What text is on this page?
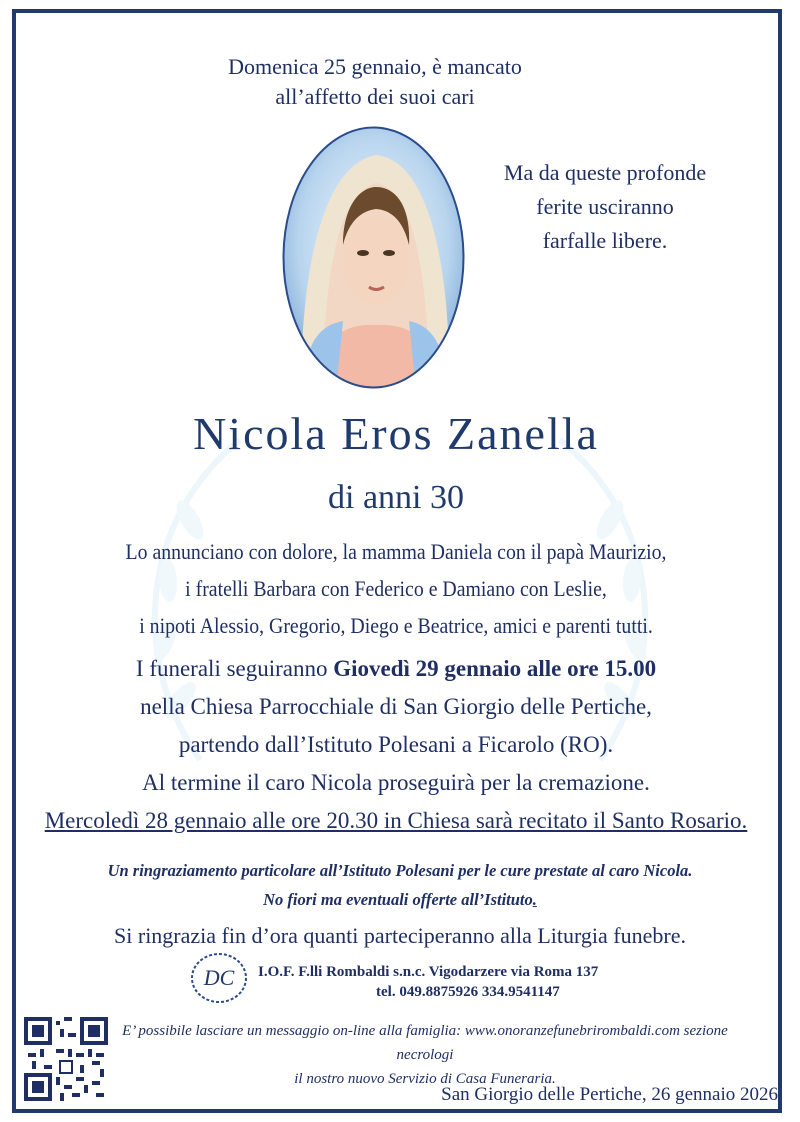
Domenica 25 gennaio, è mancato
all’affetto dei suoi cari
Ma da queste profonde
ferite usciranno
farfalle libere.
Nicola Eros Zanella
di anni 30
Lo annunciano con dolore, la mamma Daniela con il papà Maurizio,
i fratelli Barbara con Federico e Damiano con Leslie,
i nipoti Alessio, Gregorio, Diego e Beatrice, amici e parenti tutti.
I funerali seguiranno Giovedì 29 gennaio alle ore 15.00
nella Chiesa Parrocchiale di San Giorgio delle Pertiche,
partendo dall’Istituto Polesani a Ficarolo (RO).
Al termine il caro Nicola proseguirà per la cremazione.
Mercoledì 28 gennaio alle ore 20.30 in Chiesa sarà recitato il Santo Rosario.
Un ringraziamento particolare all’Istituto Polesani per le cure prestate al caro Nicola.
No fiori ma eventuali offerte all’Istituto.
Si ringrazia fin d’ora quanti parteciperanno alla Liturgia funebre.
DC I.O.F. F.lli Rombaldi s.n.c. Vigodarzere via Roma 137
tel. 049.8875926 334.9541147
E’ possibile lasciare un messaggio on-line alla famiglia: www.onoranzefunebrirombaldi.com sezione necrologi
il nostro nuovo Servizio di Casa Funeraria.
San Giorgio delle Pertiche, 26 gennaio 2026
